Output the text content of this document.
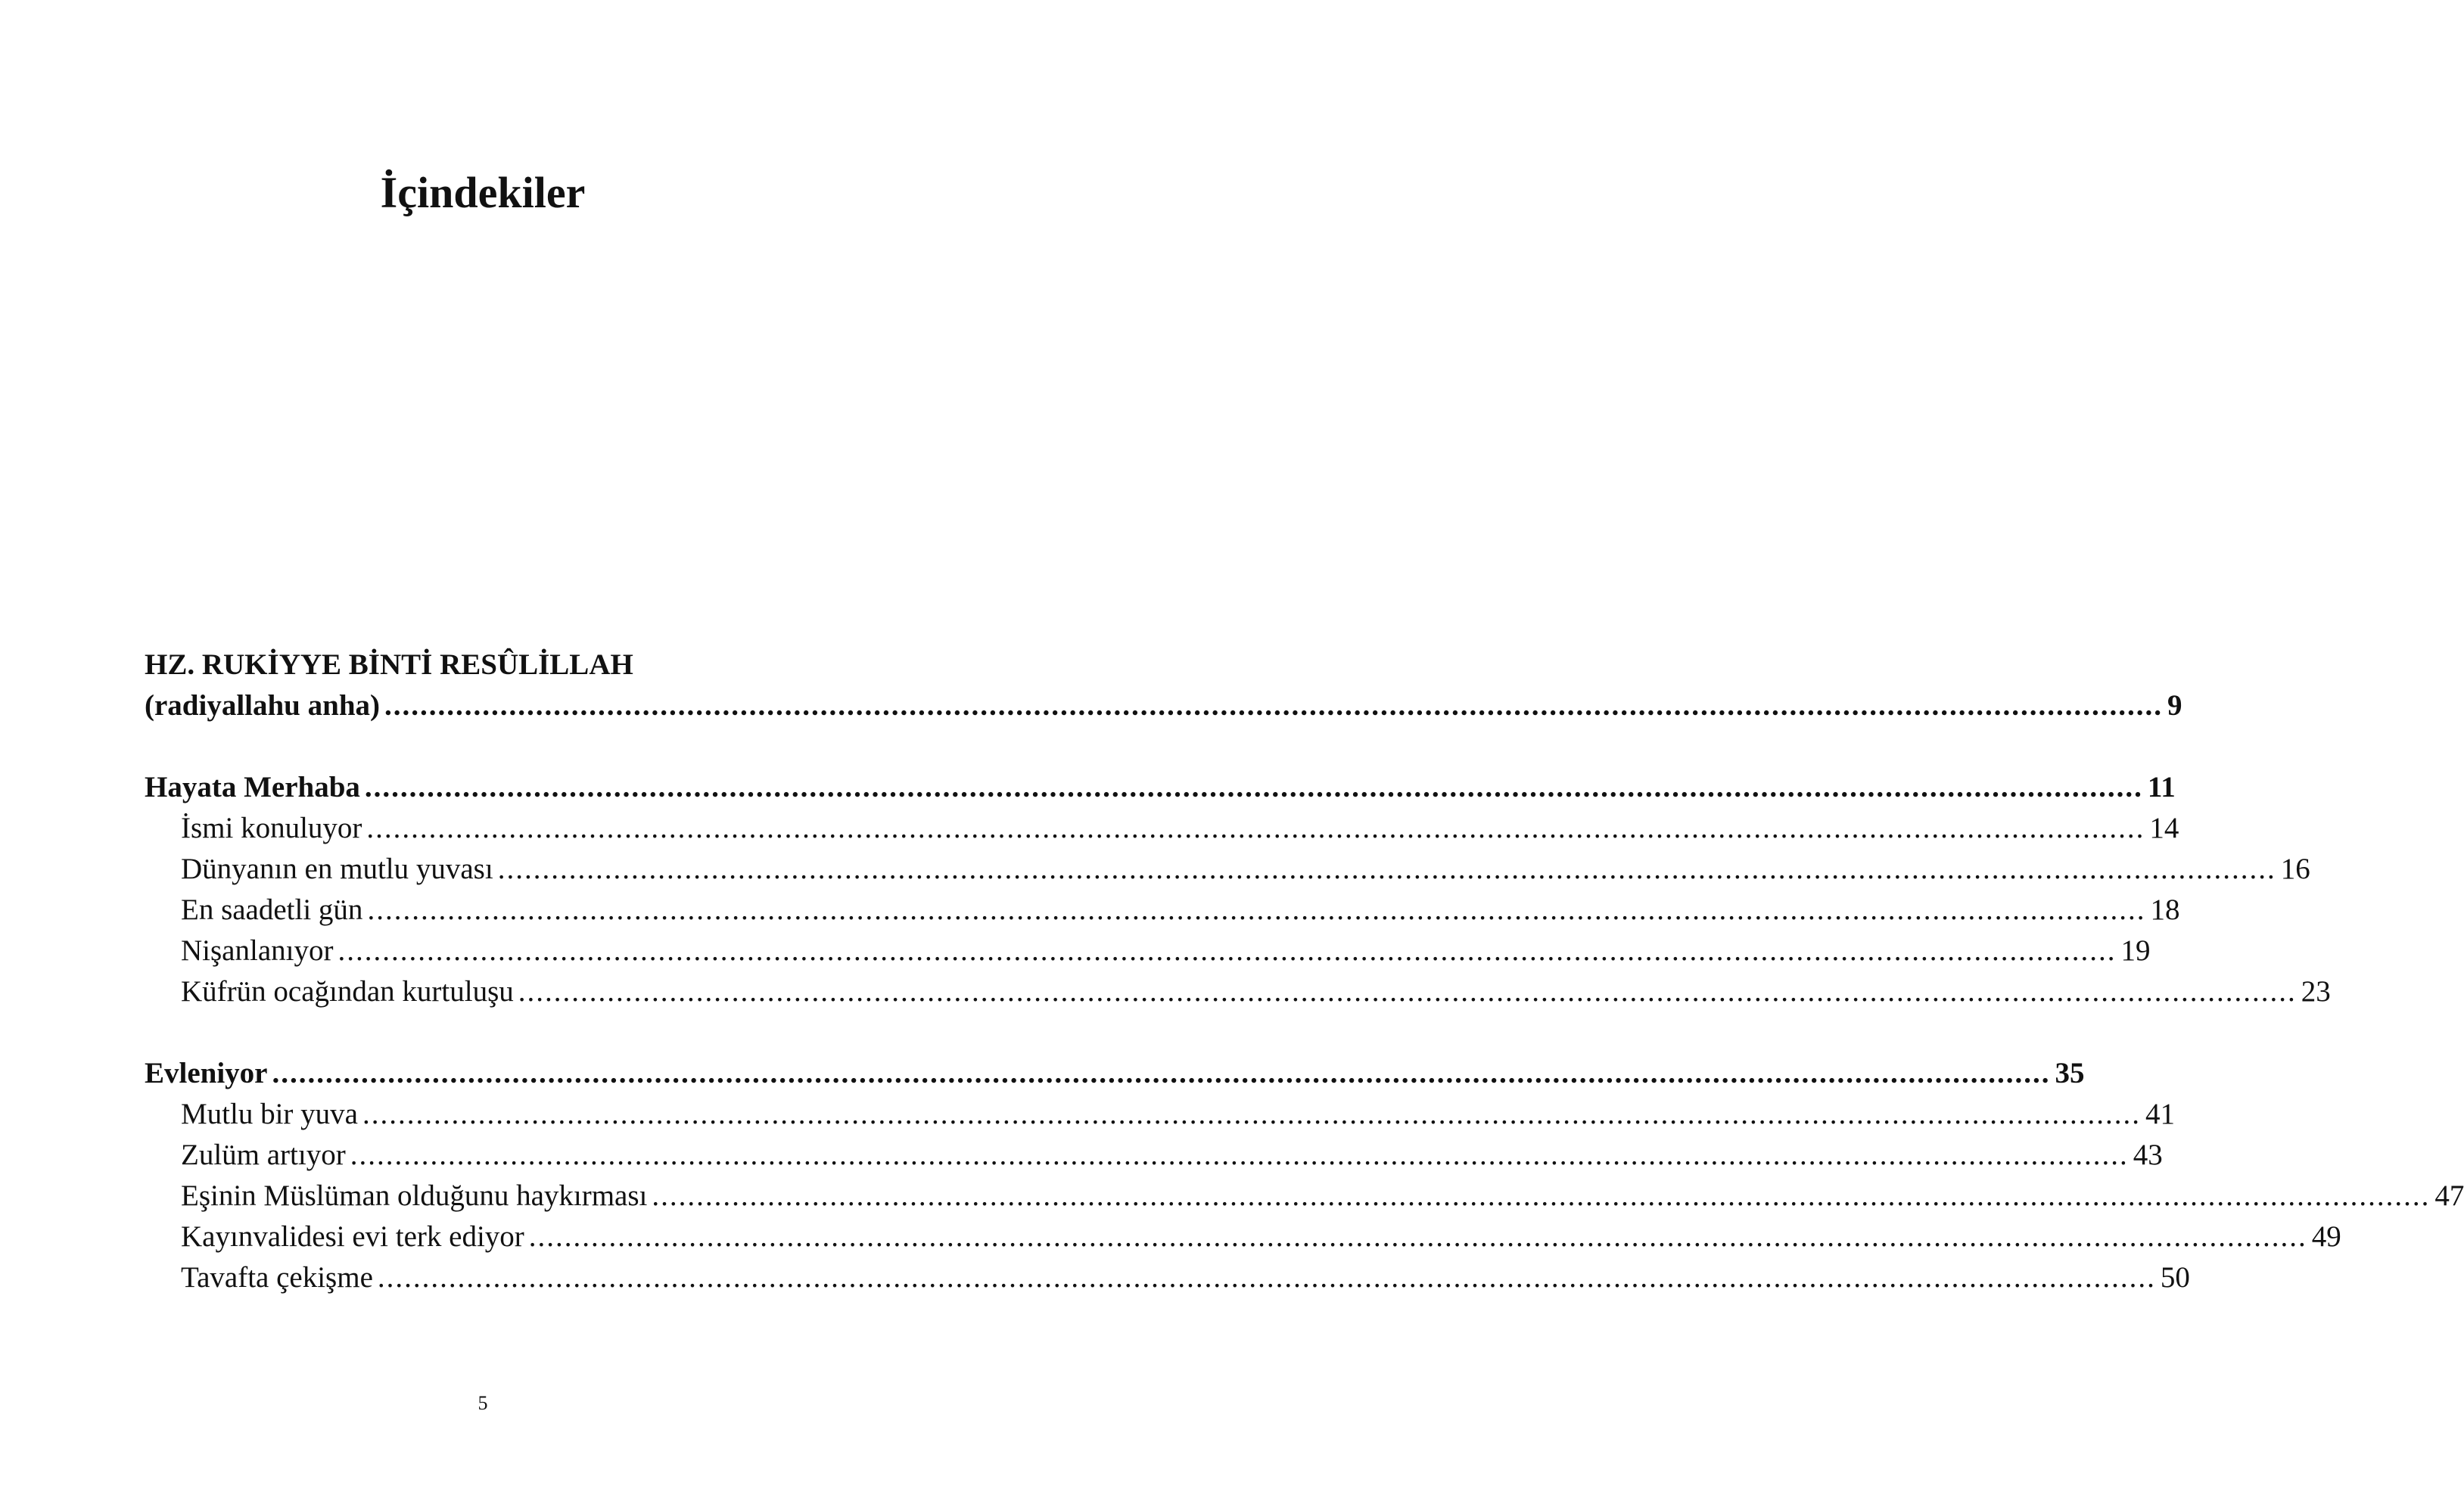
İçindekiler
HZ. RUKİYYE BİNTİ RESÛLİLLAH
(radiyallahu anha) ........................................................................................................................................................................................................ 9
Hayata Merhaba ........................................................................................................................................................................................................ 11
İsmi konuluyor ........................................................................................................................................................................................................ 14
Dünyanın en mutlu yuvası ........................................................................................................................................................................................................ 16
En saadetli gün ........................................................................................................................................................................................................ 18
Nişanlanıyor ........................................................................................................................................................................................................ 19
Küfrün ocağından kurtuluşu ........................................................................................................................................................................................................ 23
Evleniyor ........................................................................................................................................................................................................ 35
Mutlu bir yuva ........................................................................................................................................................................................................ 41
Zulüm artıyor ........................................................................................................................................................................................................ 43
Eşinin Müslüman olduğunu haykırması ........................................................................................................................................................................................................ 47
Kayınvalidesi evi terk ediyor ........................................................................................................................................................................................................ 49
Tavafta çekişme ........................................................................................................................................................................................................ 50
5
